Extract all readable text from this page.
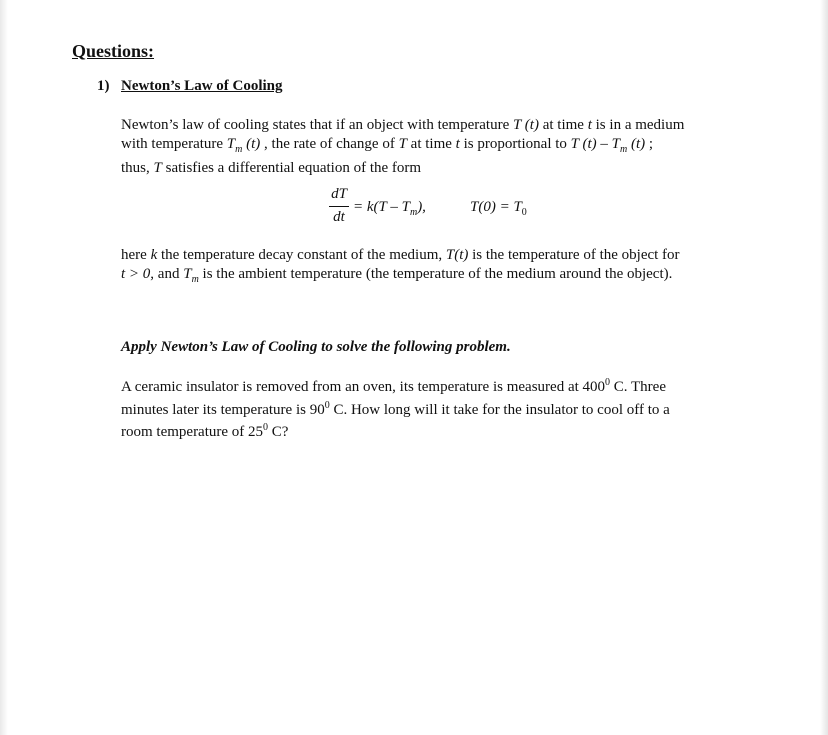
Questions:
1) Newton’s Law of Cooling
Newton’s law of cooling states that if an object with temperature T (t) at time t is in a medium
with temperature $T_m$ (t) , the rate of change of T at time t is proportional to T $(t) - T_m$ (t) ;
thus, T satisfies a differential equation of the form
dT
dt
= $k(T - T_m)$,	$T(0) = T_0$
here k the temperature decay constant of the medium, T(t) is the temperature of the object for
t > 0, and $T_m$ is the ambient temperature (the temperature of the medium around the object).
Apply Newton’s Law of Cooling to solve the following problem.
A ceramic insulator is removed from an oven, its temperature is measured at $400^0$ C. Three
minutes later its temperature is $90^0$ C. How long will it take for the insulator to cool off to a
room temperature of $25^0$ C?
